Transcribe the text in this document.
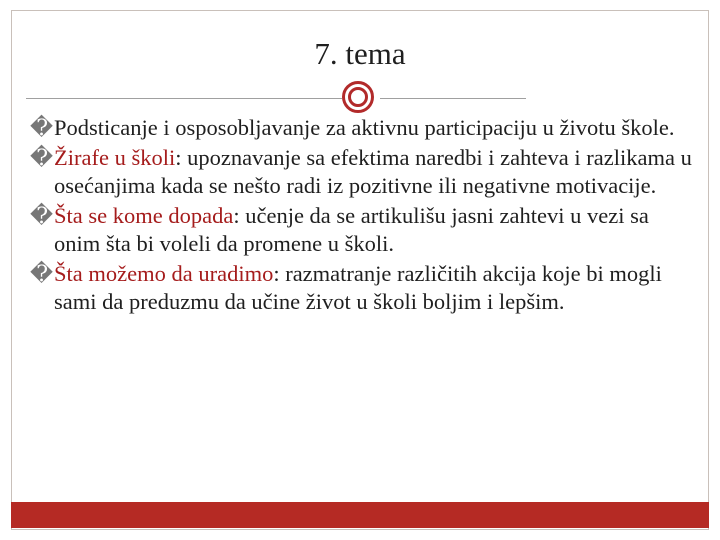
7. tema
�Podsticanje i osposobljavanje za aktivnu participaciju u životu škole.
�Žirafe u školi: upoznavanje sa efektima naredbi i zahteva i razlikama u osećanjima kada se nešto radi iz pozitivne ili negativne motivacije.
�Šta se kome dopada: učenje da se artikulišu jasni zahtevi u vezi sa onim šta bi voleli da promene u školi.
�Šta možemo da uradimo: razmatranje različitih akcija koje bi mogli sami da preduzmu da učine život u školi boljim i lepšim.
